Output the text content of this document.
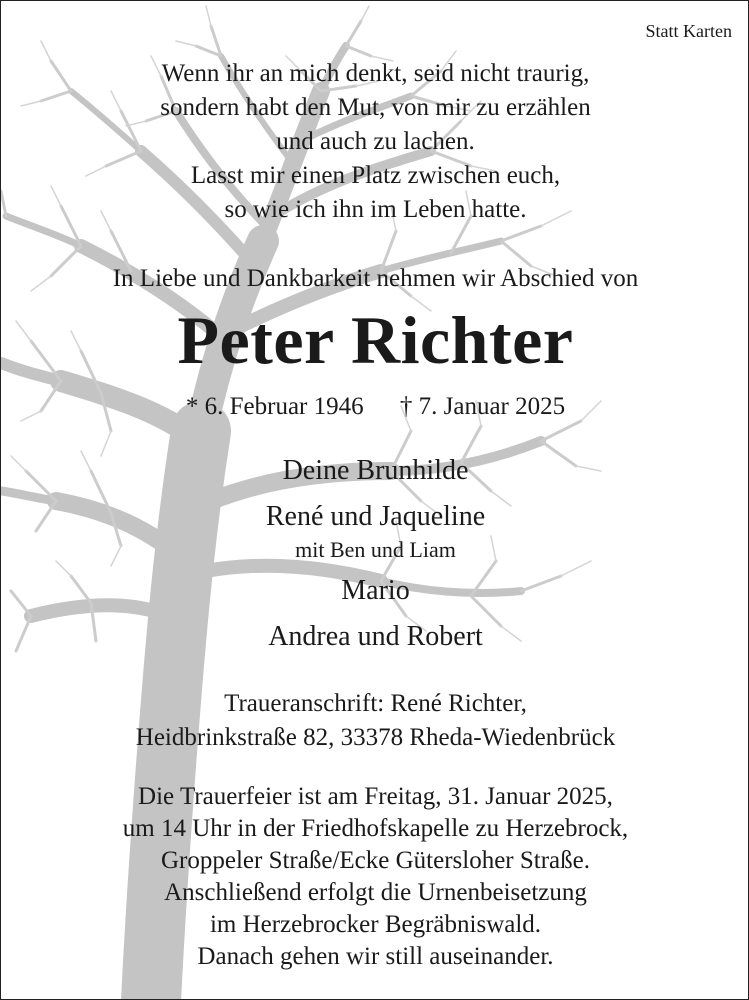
Statt Karten
Wenn ihr an mich denkt, seid nicht traurig,
sondern habt den Mut, von mir zu erzählen
und auch zu lachen.
Lasst mir einen Platz zwischen euch,
so wie ich ihn im Leben hatte.
In Liebe und Dankbarkeit nehmen wir Abschied von
Peter Richter
* 6. Februar 1946 † 7. Januar 2025
Deine Brunhilde
René und Jaqueline
mit Ben und Liam
Mario
Andrea und Robert
Traueranschrift: René Richter,
Heidbrinkstraße 82, 33378 Rheda-Wiedenbrück
Die Trauerfeier ist am Freitag, 31. Januar 2025,
um 14 Uhr in der Friedhofskapelle zu Herzebrock,
Groppeler Straße/Ecke Gütersloher Straße.
Anschließend erfolgt die Urnenbeisetzung
im Herzebrocker Begräbniswald.
Danach gehen wir still auseinander.
